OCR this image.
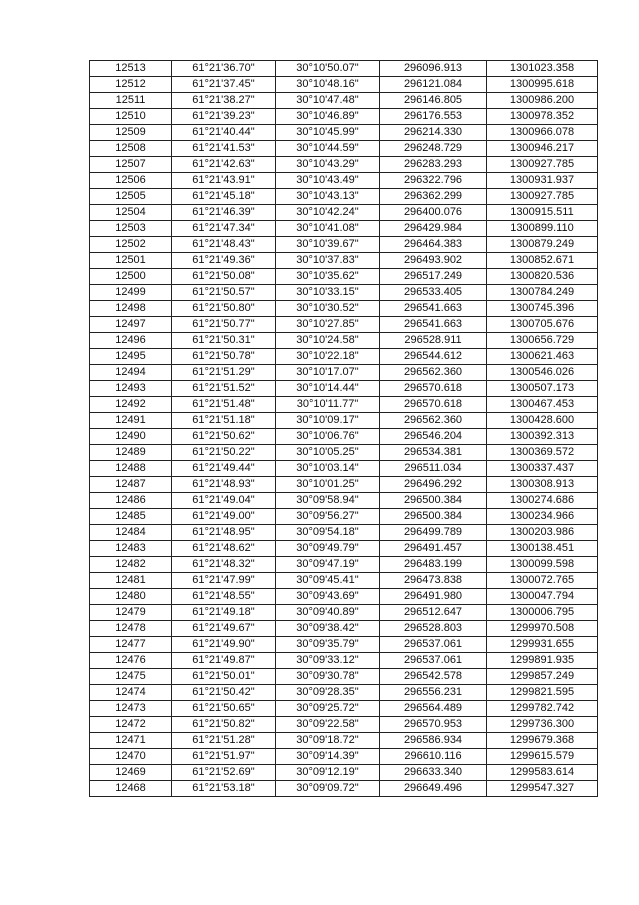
12513	61°21'36.70"	30°10'50.07"	296096.913	1301023.358
12512	61°21'37.45"	30°10'48.16"	296121.084	1300995.618
12511	61°21'38.27"	30°10'47.48"	296146.805	1300986.200
12510	61°21'39.23"	30°10'46.89"	296176.553	1300978.352
12509	61°21'40.44"	30°10'45.99"	296214.330	1300966.078
12508	61°21'41.53"	30°10'44.59"	296248.729	1300946.217
12507	61°21'42.63"	30°10'43.29"	296283.293	1300927.785
12506	61°21'43.91"	30°10'43.49"	296322.796	1300931.937
12505	61°21'45.18"	30°10'43.13"	296362.299	1300927.785
12504	61°21'46.39"	30°10'42.24"	296400.076	1300915.511
12503	61°21'47.34"	30°10'41.08"	296429.984	1300899.110
12502	61°21'48.43"	30°10'39.67"	296464.383	1300879.249
12501	61°21'49.36"	30°10'37.83"	296493.902	1300852.671
12500	61°21'50.08"	30°10'35.62"	296517.249	1300820.536
12499	61°21'50.57"	30°10'33.15"	296533.405	1300784.249
12498	61°21'50.80"	30°10'30.52"	296541.663	1300745.396
12497	61°21'50.77"	30°10'27.85"	296541.663	1300705.676
12496	61°21'50.31"	30°10'24.58"	296528.911	1300656.729
12495	61°21'50.78"	30°10'22.18"	296544.612	1300621.463
12494	61°21'51.29"	30°10'17.07"	296562.360	1300546.026
12493	61°21'51.52"	30°10'14.44"	296570.618	1300507.173
12492	61°21'51.48"	30°10'11.77"	296570.618	1300467.453
12491	61°21'51.18"	30°10'09.17"	296562.360	1300428.600
12490	61°21'50.62"	30°10'06.76"	296546.204	1300392.313
12489	61°21'50.22"	30°10'05.25"	296534.381	1300369.572
12488	61°21'49.44"	30°10'03.14"	296511.034	1300337.437
12487	61°21'48.93"	30°10'01.25"	296496.292	1300308.913
12486	61°21'49.04"	30°09'58.94"	296500.384	1300274.686
12485	61°21'49.00"	30°09'56.27"	296500.384	1300234.966
12484	61°21'48.95"	30°09'54.18"	296499.789	1300203.986
12483	61°21'48.62"	30°09'49.79"	296491.457	1300138.451
12482	61°21'48.32"	30°09'47.19"	296483.199	1300099.598
12481	61°21'47.99"	30°09'45.41"	296473.838	1300072.765
12480	61°21'48.55"	30°09'43.69"	296491.980	1300047.794
12479	61°21'49.18"	30°09'40.89"	296512.647	1300006.795
12478	61°21'49.67"	30°09'38.42"	296528.803	1299970.508
12477	61°21'49.90"	30°09'35.79"	296537.061	1299931.655
12476	61°21'49.87"	30°09'33.12"	296537.061	1299891.935
12475	61°21'50.01"	30°09'30.78"	296542.578	1299857.249
12474	61°21'50.42"	30°09'28.35"	296556.231	1299821.595
12473	61°21'50.65"	30°09'25.72"	296564.489	1299782.742
12472	61°21'50.82"	30°09'22.58"	296570.953	1299736.300
12471	61°21'51.28"	30°09'18.72"	296586.934	1299679.368
12470	61°21'51.97"	30°09'14.39"	296610.116	1299615.579
12469	61°21'52.69"	30°09'12.19"	296633.340	1299583.614
12468	61°21'53.18"	30°09'09.72"	296649.496	1299547.327
